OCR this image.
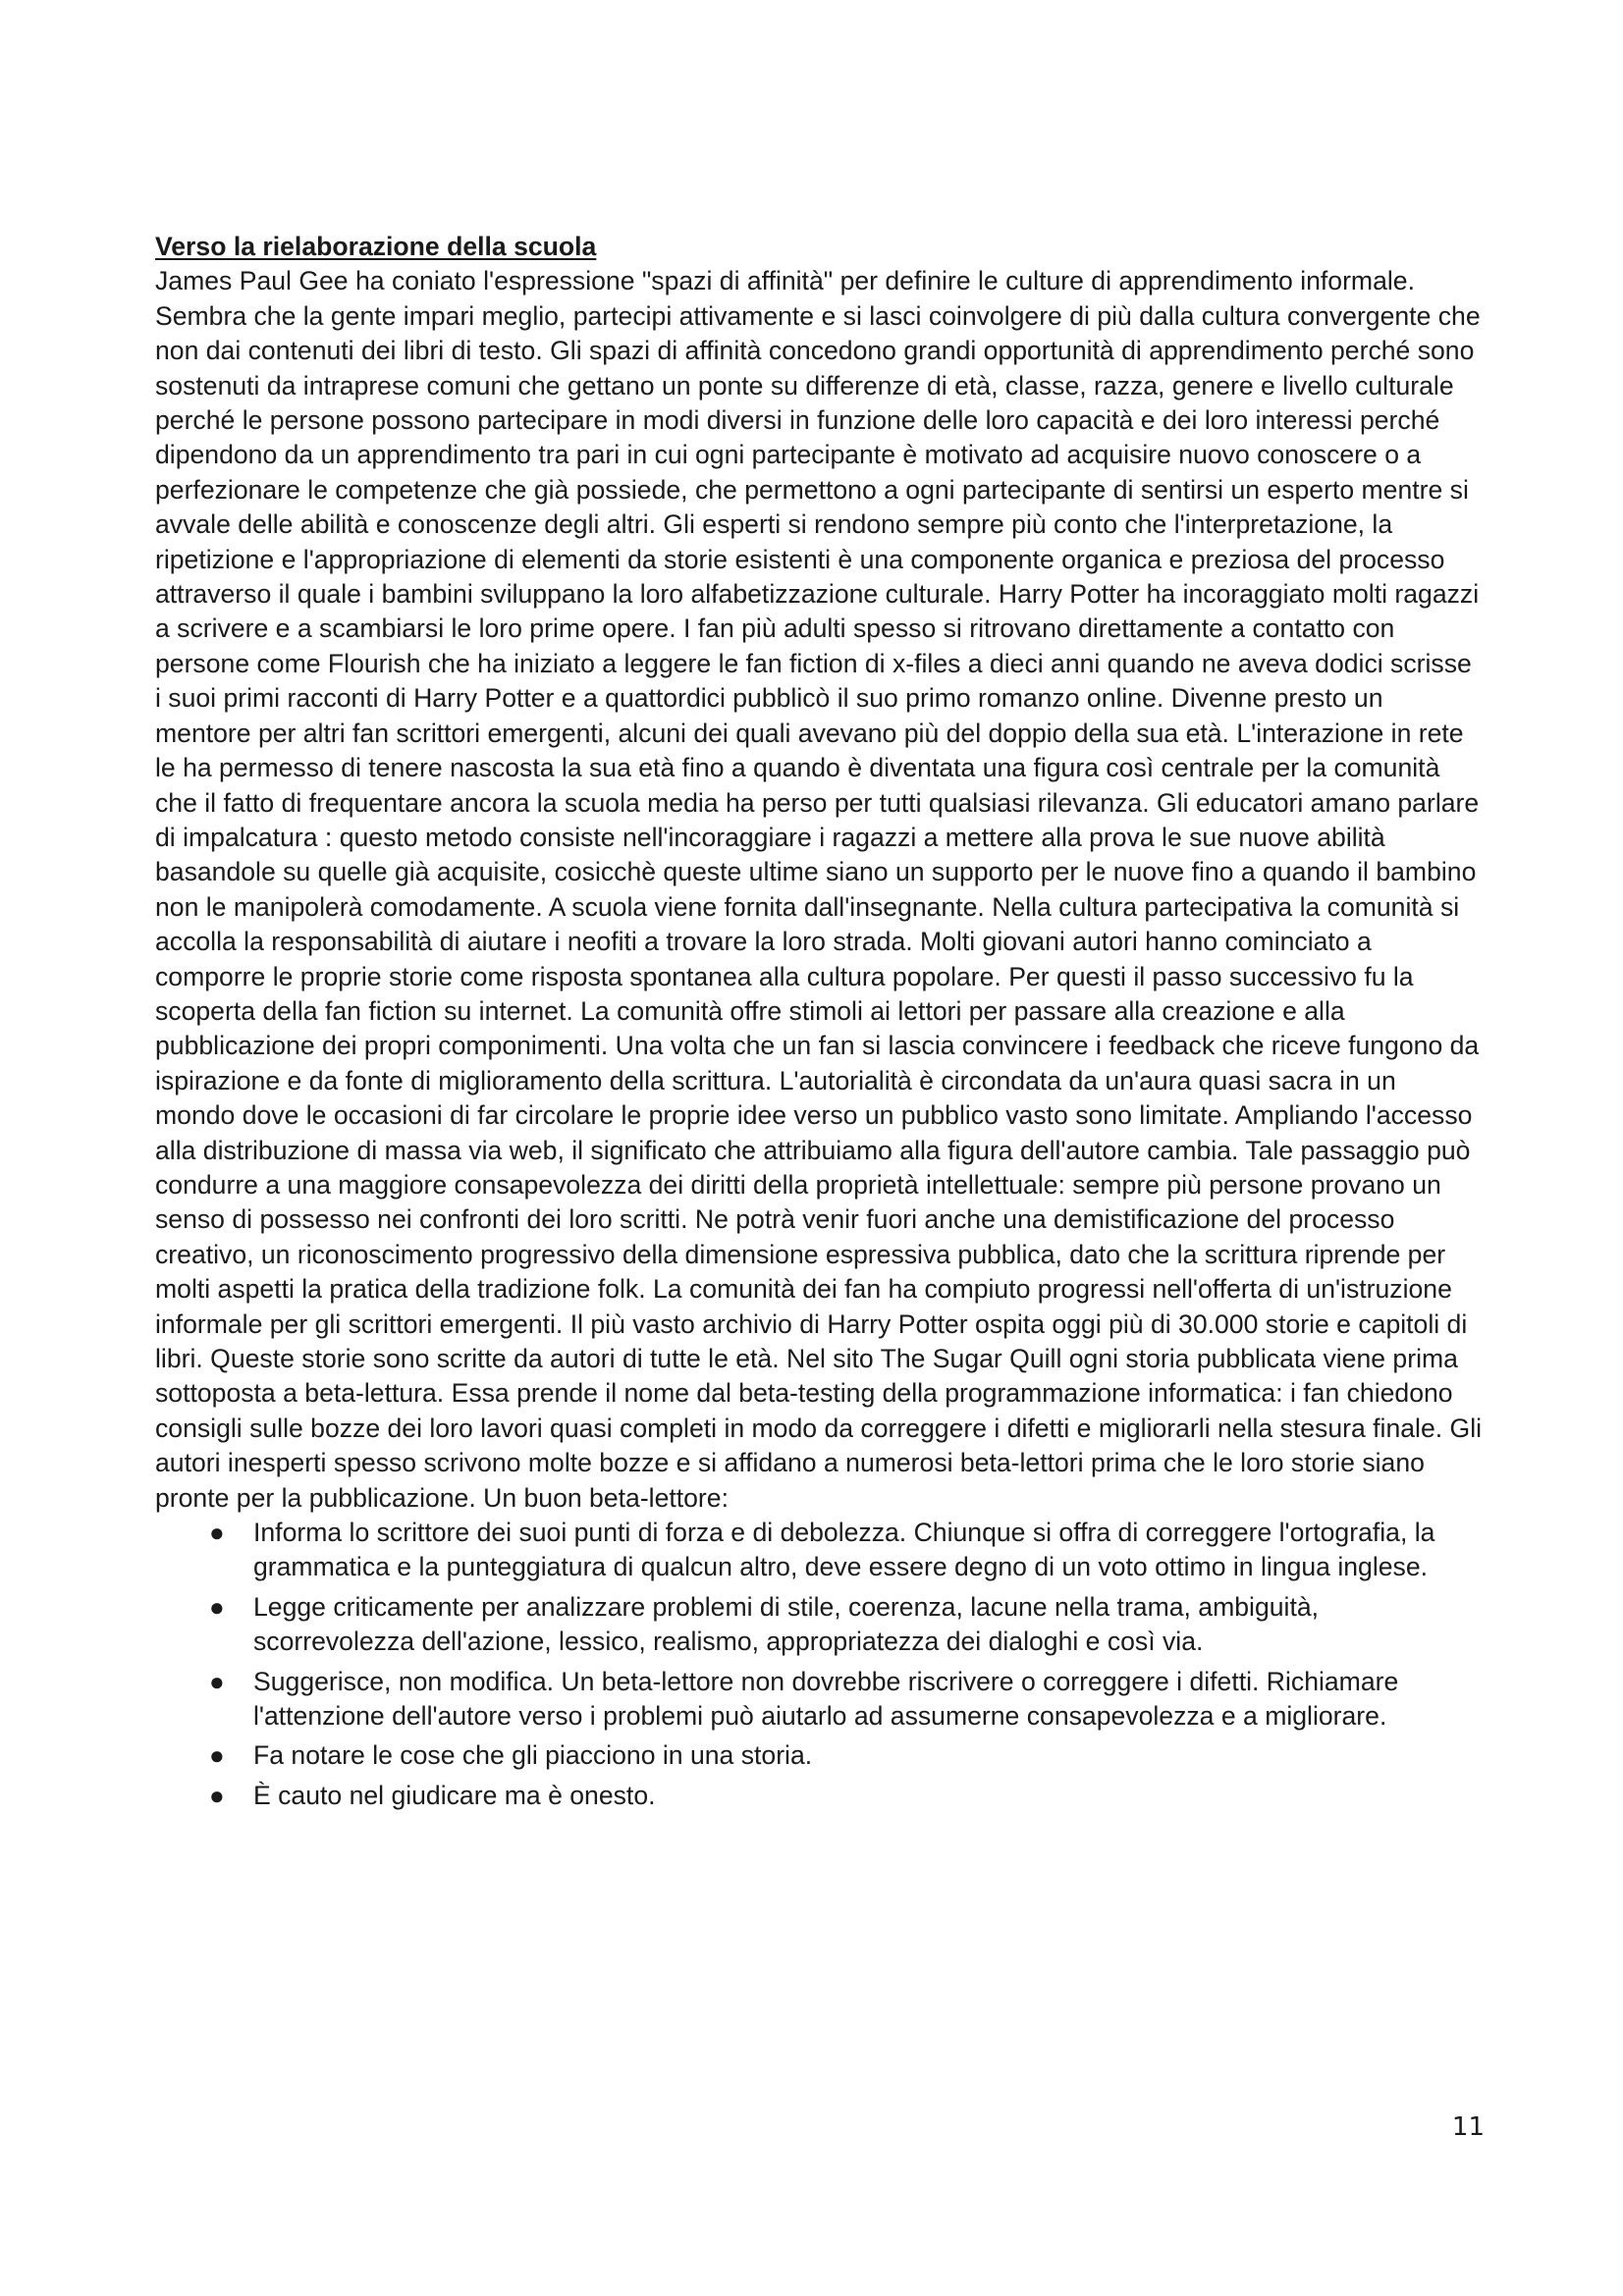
Verso la rielaborazione della scuola

James Paul Gee ha coniato l'espressione "spazi di affinità" per definire le culture di apprendimento informale. Sembra che la gente impari meglio, partecipi attivamente e si lasci coinvolgere di più dalla cultura convergente che non dai contenuti dei libri di testo. Gli spazi di affinità concedono grandi opportunità di apprendimento perché sono sostenuti da intraprese comuni che gettano un ponte su differenze di età, classe, razza, genere e livello culturale perché le persone possono partecipare in modi diversi in funzione delle loro capacità e dei loro interessi perché dipendono da un apprendimento tra pari in cui ogni partecipante è motivato ad acquisire nuovo conoscere o a perfezionare le competenze che già possiede, che permettono a ogni partecipante di sentirsi un esperto mentre si avvale delle abilità e conoscenze degli altri. Gli esperti si rendono sempre più conto che l'interpretazione, la ripetizione e l'appropriazione di elementi da storie esistenti è una componente organica e preziosa del processo attraverso il quale i bambini sviluppano la loro alfabetizzazione culturale. Harry Potter ha incoraggiato molti ragazzi a scrivere e a scambiarsi le loro prime opere. I fan più adulti spesso si ritrovano direttamente a contatto con persone come Flourish che ha iniziato a leggere le fan fiction di x-files a dieci anni quando ne aveva dodici scrisse i suoi primi racconti di Harry Potter e a quattordici pubblicò il suo primo romanzo online. Divenne presto un mentore per altri fan scrittori emergenti, alcuni dei quali avevano più del doppio della sua età. L'interazione in rete le ha permesso di tenere nascosta la sua età fino a quando è diventata una figura così centrale per la comunità che il fatto di frequentare ancora la scuola media ha perso per tutti qualsiasi rilevanza. Gli educatori amano parlare di impalcatura : questo metodo consiste nell'incoraggiare i ragazzi a mettere alla prova le sue nuove abilità basandole su quelle già acquisite, cosicchè queste ultime siano un supporto per le nuove fino a quando il bambino non le manipolerà comodamente. A scuola viene fornita dall'insegnante. Nella cultura partecipativa la comunità si accolla la responsabilità di aiutare i neofiti a trovare la loro strada. Molti giovani autori hanno cominciato a comporre le proprie storie come risposta spontanea alla cultura popolare. Per questi il passo successivo fu la scoperta della fan fiction su internet. La comunità offre stimoli ai lettori per passare alla creazione e alla pubblicazione dei propri componimenti. Una volta che un fan si lascia convincere i feedback che riceve fungono da ispirazione e da fonte di miglioramento della scrittura. L'autorialità è circondata da un'aura quasi sacra in un mondo dove le occasioni di far circolare le proprie idee verso un pubblico vasto sono limitate. Ampliando l'accesso alla distribuzione di massa via web, il significato che attribuiamo alla figura dell'autore cambia. Tale passaggio può condurre a una maggiore consapevolezza dei diritti della proprietà intellettuale: sempre più persone provano un senso di possesso nei confronti dei loro scritti. Ne potrà venir fuori anche una demistificazione del processo creativo, un riconoscimento progressivo della dimensione espressiva pubblica, dato che la scrittura riprende per molti aspetti la pratica della tradizione folk. La comunità dei fan ha compiuto progressi nell'offerta di un'istruzione informale per gli scrittori emergenti. Il più vasto archivio di Harry Potter ospita oggi più di 30.000 storie e capitoli di libri. Queste storie sono scritte da autori di tutte le età. Nel sito The Sugar Quill ogni storia pubblicata viene prima sottoposta a beta-lettura. Essa prende il nome dal beta-testing della programmazione informatica: i fan chiedono consigli sulle bozze dei loro lavori quasi completi in modo da correggere i difetti e migliorarli nella stesura finale. Gli autori inesperti spesso scrivono molte bozze e si affidano a numerosi beta-lettori prima che le loro storie siano pronte per la pubblicazione. Un buon beta-lettore:

● Informa lo scrittore dei suoi punti di forza e di debolezza. Chiunque si offra di correggere l'ortografia, la grammatica e la punteggiatura di qualcun altro, deve essere degno di un voto ottimo in lingua inglese.
● Legge criticamente per analizzare problemi di stile, coerenza, lacune nella trama, ambiguità, scorrevolezza dell'azione, lessico, realismo, appropriatezza dei dialoghi e così via.
● Suggerisce, non modifica. Un beta-lettore non dovrebbe riscrivere o correggere i difetti. Richiamare l'attenzione dell'autore verso i problemi può aiutarlo ad assumerne consapevolezza e a migliorare.
● Fa notare le cose che gli piacciono in una storia.
● È cauto nel giudicare ma è onesto.
11
